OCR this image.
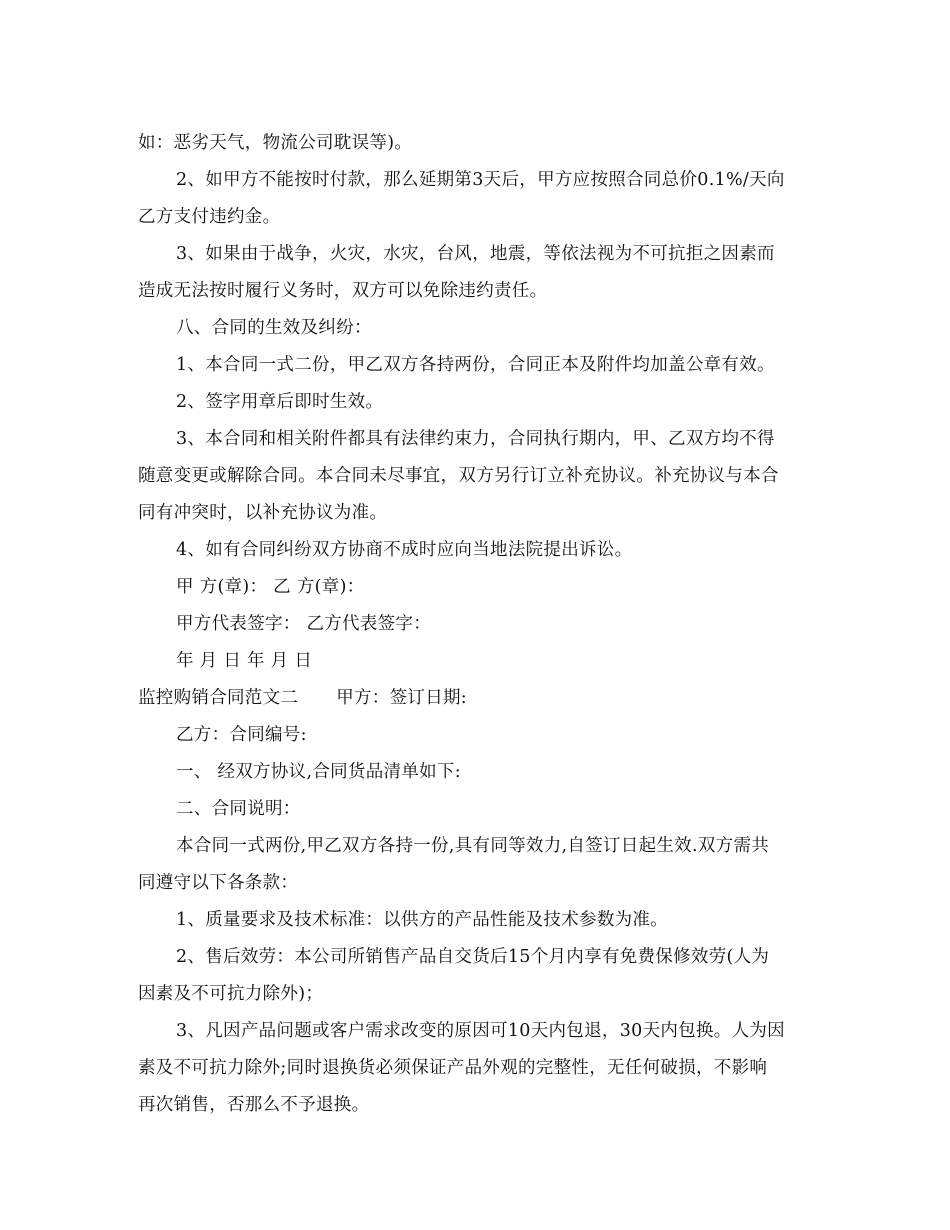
如：恶劣天气，物流公司耽误等)。
2、如甲方不能按时付款，那么延期第3天后，甲方应按照合同总价0.1%/天向
乙方支付违约金。
3、如果由于战争，火灾，水灾，台风，地震，等依法视为不可抗拒之因素而
造成无法按时履行义务时，双方可以免除违约责任。
八、合同的生效及纠纷：
1、本合同一式二份，甲乙双方各持两份，合同正本及附件均加盖公章有效。
2、签字用章后即时生效。
3、本合同和相关附件都具有法律约束力，合同执行期内，甲、乙双方均不得
随意变更或解除合同。本合同未尽事宜，双方另行订立补充协议。补充协议与本合
同有冲突时，以补充协议为准。
4、如有合同纠纷双方协商不成时应向当地法院提出诉讼。
甲 方(章)： 乙 方(章)：
甲方代表签字： 乙方代表签字：
年 月 日 年 月 日
监控购销合同范文二 甲方：签订日期:
乙方：合同编号:
一、 经双方协议,合同货品清单如下:
二、合同说明：
本合同一式两份,甲乙双方各持一份,具有同等效力,自签订日起生效.双方需共
同遵守以下各条款：
1、质量要求及技术标准：以供方的产品性能及技术参数为准。
2、售后效劳：本公司所销售产品自交货后15个月内享有免费保修效劳(人为
因素及不可抗力除外)；
3、凡因产品问题或客户需求改变的原因可10天内包退，30天内包换。人为因
素及不可抗力除外;同时退换货必须保证产品外观的完整性，无任何破损，不影响
再次销售，否那么不予退换。
